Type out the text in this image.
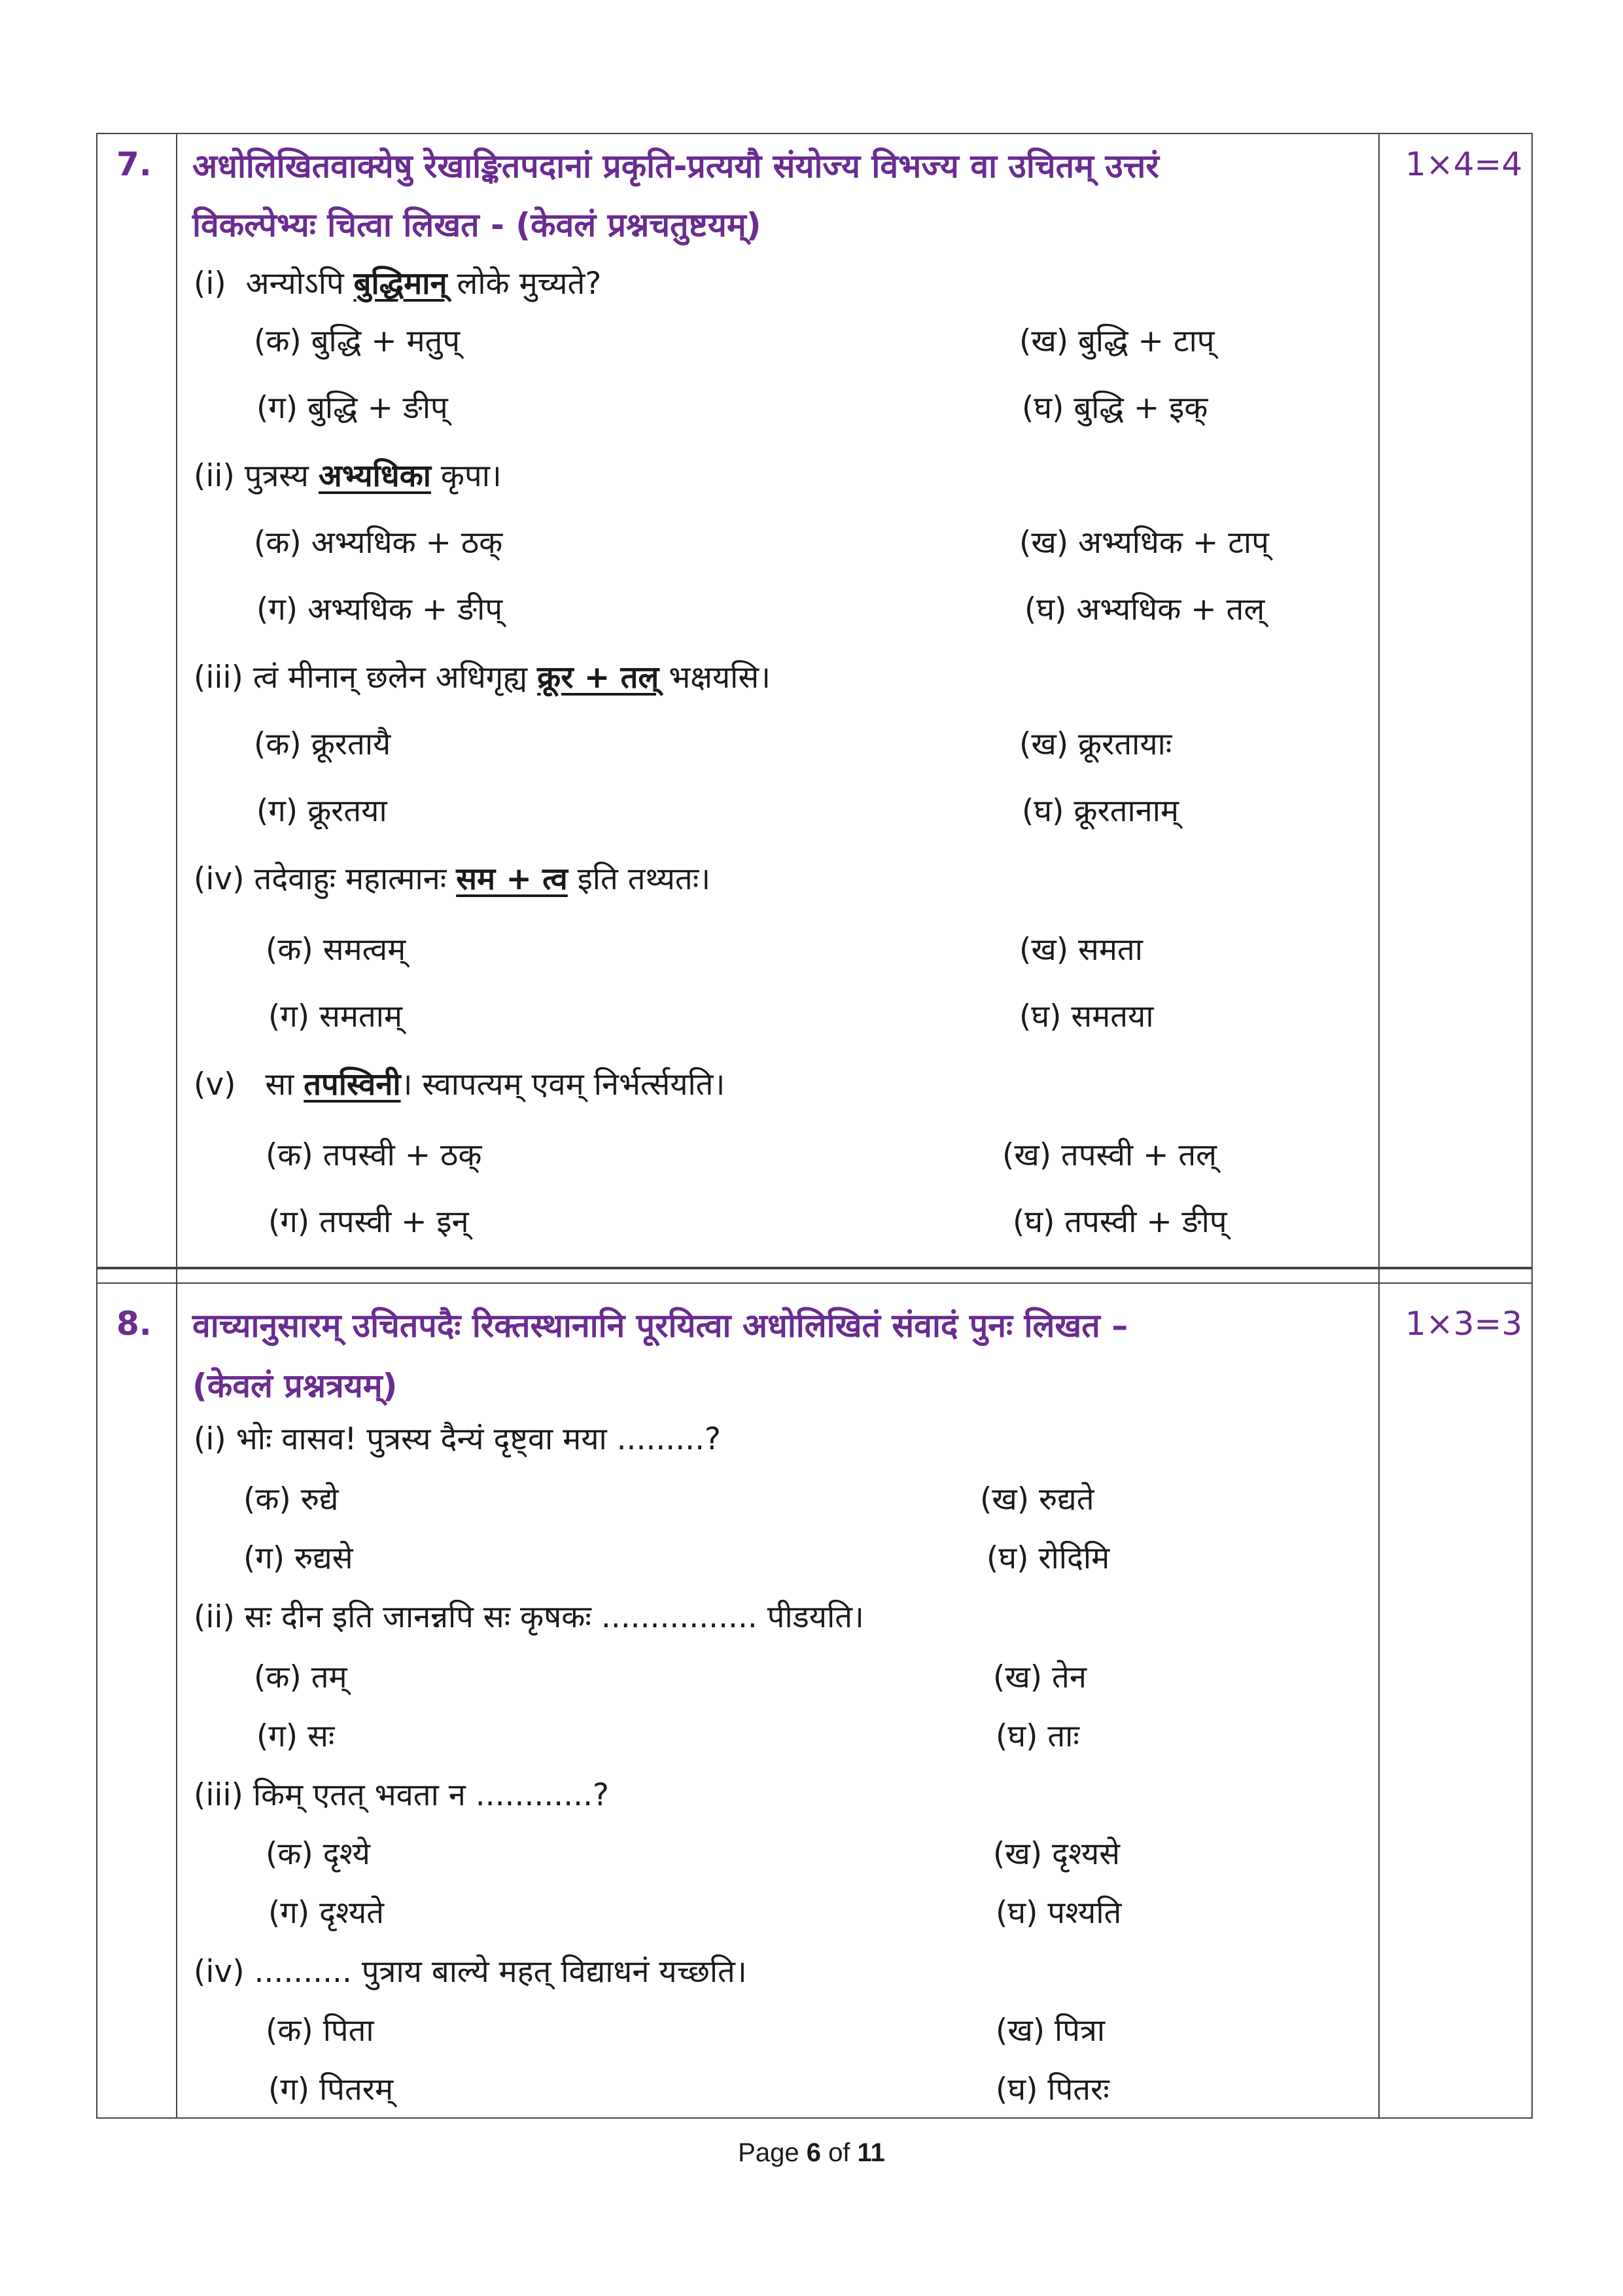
7. अधोलिखितवाक्येषु रेखाङ्कितपदानां प्रकृति-प्रत्ययौ संयोज्य विभज्य वा उचितम् उत्तरं
विकल्पेभ्यः चित्वा लिखत - (केवलं प्रश्नचतुष्टयम्)
1×4=4
(i) अन्योऽपि बुद्धिमान् लोके मुच्यते?
(क) बुद्धि + मतुप्	(ख) बुद्धि + टाप्
(ग) बुद्धि + ङीप्	(घ) बुद्धि + इक्
(ii) पुत्रस्य अभ्यधिका कृपा।
(क) अभ्यधिक + ठक्	(ख) अभ्यधिक + टाप्
(ग) अभ्यधिक + ङीप्	(घ) अभ्यधिक + तल्
(iii) त्वं मीनान् छलेन अधिगृह्य क्रूर + तल् भक्षयसि।
(क) क्रूरतायै	(ख) क्रूरतायाः
(ग) क्रूरतया	(घ) क्रूरतानाम्
(iv) तदेवाहुः महात्मानः सम + त्व इति तथ्यतः।
(क) समत्वम्	(ख) समता
(ग) समताम्	(घ) समतया
(v) सा तपस्विनी। स्वापत्यम् एवम् निर्भर्त्सयति।
(क) तपस्वी + ठक्	(ख) तपस्वी + तल्
(ग) तपस्वी + इन्	(घ) तपस्वी + ङीप्
8. वाच्यानुसारम् उचितपदैः रिक्तस्थानानि पूरयित्वा अधोलिखितं संवादं पुनः लिखत –
(केवलं प्रश्नत्रयम्)
1×3=3
(i) भोः वासव! पुत्रस्य दैन्यं दृष्ट्वा मया .........?
(क) रुद्ये	(ख) रुद्यते
(ग) रुद्यसे	(घ) रोदिमि
(ii) सः दीन इति जानन्नपि सः कृषकः ................ पीडयति।
(क) तम्	(ख) तेन
(ग) सः	(घ) ताः
(iii) किम् एतत् भवता न ............?
(क) दृश्ये	(ख) दृश्यसे
(ग) दृश्यते	(घ) पश्यति
(iv) .......... पुत्राय बाल्ये महत् विद्याधनं यच्छति।
(क) पिता	(ख) पित्रा
(ग) पितरम्	(घ) पितरः
Page 6 of 11
